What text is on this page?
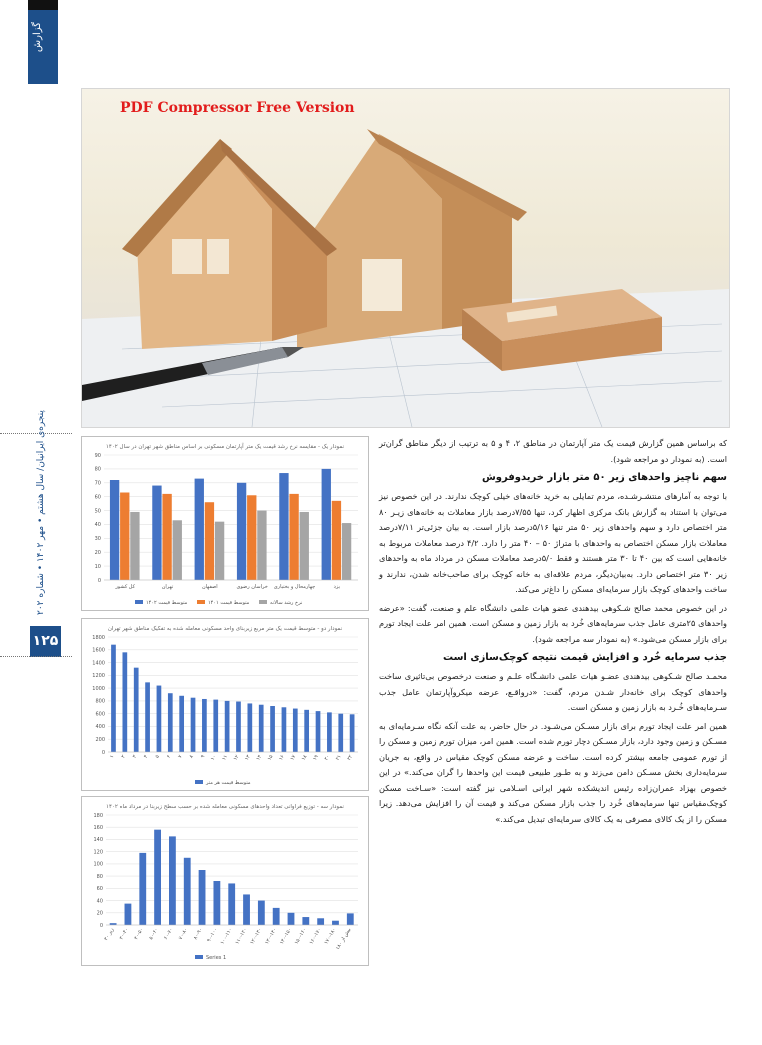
گزارش
PDF Compressor Free Version
پنجره‌ی ایرانیان/ سال هشتم • مهر ۱۴۰۲ • شماره ۲۰۲
۱۲۵
نمودار یک - مقایسه نرخ رشد قیمت یک متر آپارتمان مسکونی بر اساس مناطق شهر تهران در سال ۱۴۰۲
0
10
20
30
40
50
60
70
80
90
کل کشور	تهران	اصفهان	خراسان رضوی چهارمحال و بختیاری	یزد
متوسط قیمت ۱۴۰۲	متوسط قیمت ۱۴۰۱	نرخ رشد سالانه
نمودار دو - متوسط قیمت یک متر مربع زیربنای واحد مسکونی معامله شده به تفکیک مناطق شهر تهران
0
200
400
600
800
1000
1200
1400
1600
1800
۱ ۲ ۳ ۴ ۵ ۶ ۷ ۸ ۹ ۱۰ ۱۱ ۱۲ ۱۳ ۱۴ ۱۵ ۱۶ ۱۷ ۱۸ ۱۹ ۲۰ ۲۱ ۲۲
متوسط قیمت هر متر
نمودار سه - توزیع فراوانی تعداد واحدهای مسکونی معامله شده بر حسب سطح زیربنا در مرداد ماه ۱۴۰۲
0
20
40
60
80
100
120
140
160
180
زیر ۳۰ ۳۰-۴۰ ۴۰-۵۰ ۵۰-۶۰ ۶۰-۷۰ ۷۰-۸۰ ۸۰-۹۰ ۹۰-۱۰۰ ۱۰۰-۱۱۰ ۱۱۰-۱۲۰ ۱۲۰-۱۳۰ ۱۳۰-۱۴۰ ۱۴۰-۱۵۰ ۱۵۰-۱۶۰ ۱۶۰-۱۷۰ ۱۷۰-۱۸۰
بیش از ۱۸۰
Series 1

که براساس همین گزارش قیمت یک متر آپارتمان در مناطق ۲، ۴ و ۵ به ترتیب از دیگر مناطق گران‌تر است. (به نمودار دو مراجعه شود).

سهم ناچیز واحدهای زیر ۵۰ متر بازار خریدوفروش

با توجه به آمارهای منتشـرشـده، مردم تمایلی به خرید خانه‌های خیلی کوچک ندارند. در این خصوص نیز می‌توان با استناد به گزارش بانک مرکزی اظهار کرد، تنها ۷/۵۵درصد بازار معاملات به خانه‌های زیـر ۸۰ متر اختصاص دارد و سهم واحدهای زیر ۵۰ متر تنها ۵/۱۶درصد بازار است. به بیان جزئی‌تر ۷/۱۱درصد معاملات بازار مسکن اختصاص به واحدهای با متراژ ۵۰ – ۴۰ متر را دارد. ۴/۲ درصد معاملات مربوط به خانه‌هایی است که بین ۴۰ تا ۳۰ متر هستند و فقط ۵/۰درصد معاملات مسکن در مرداد ماه به واحدهای زیر ۳۰ متر اختصاص دارد. به‌بیان‌دیگر، مردم علاقه‌ای به خانه کوچک برای صاحب‌خانه شدن، ندارند و ساخت واحدهای کوچک بازار سرمایه‌ای مسکن را داغ‌تر می‌کند.

در این خصوص محمد صالح شـکوهی بیدهندی عضو هیات علمی دانشگاه علم و صنعت، گفت: «عرضه واحدهای ۲۵متری عامل جذب سرمایه‌های خُرد به بازار زمین و مسکن است. همین امر علت ایجاد تورم برای بازار مسکن می‌شود.» (به نمودار سه مراجعه شود).

جذب سرمایه خُرد و افزایش قیمت نتیجه کوچک‌سازی است

محمـد صالح شـکوهی بیدهندی عضـو هیات علمی دانشـگاه علـم و صنعت درخصوص بی‌تاثیری ساخت واحدهای کوچک برای خانه‌دار شـدن مردم، گفت: «درواقـع، عرضه میکروآپارتمان عامل جذب سـرمایه‌های خُـرد به بازار زمین و مسکن است.

همین امر علت ایجاد تورم برای بازار مسـکن می‌شـود. در حال حاضر، به علت آنکه نگاه سـرمایه‌ای به مسـکن و زمین وجود دارد، بازار مسـکن دچار تورم شده است. همین امر، میزان تورم زمین و مسکن را از تورم عمومی جامعه بیشتر کرده است. ساخت و عرضه مسکن کوچک مقیاس در واقع، به جریان سرمایه‌داری بخش مسـکن دامن می‌زند و به طـور طبیعی قیمت این واحدها را گران می‌کند.» در این خصوص بهزاد عمران‌زاده رئیس اندیشکده شهر ایرانی اسـلامی نیز گفته است: «سـاخت مسکن کوچک‌مقیاس تنها سرمایه‌های خُرد را جذب بازار مسکن می‌کند و قیمت آن را افزایش می‌دهد. زیرا مسکن را از یک کالای مصرفی به یک کالای سرمایه‌ای تبدیل می‌کند.»
